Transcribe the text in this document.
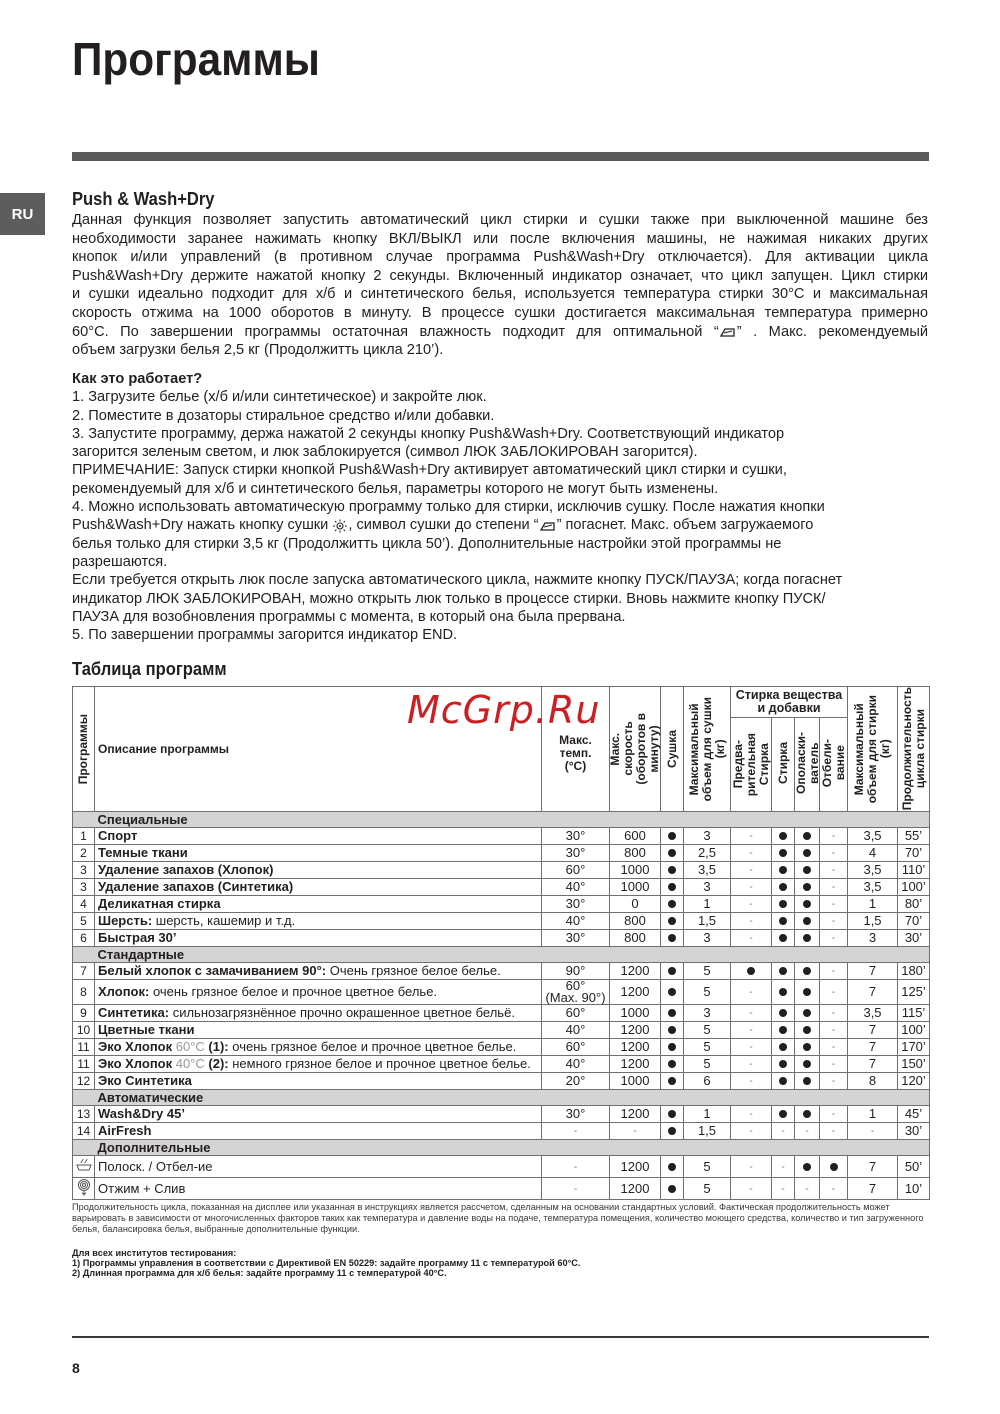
Программы
RU
Push & Wash+Dry
Данная функция позволяет запустить автоматический цикл стирки и сушки также при выключенной машине без
необходимости заранее нажимать кнопку ВКЛ/ВЫКЛ или после включения машины, не нажимая никаких других
кнопок и/или управлений (в противном случае программа Push&Wash+Dry отключается). Для активации цикла
Push&Wash+Dry держите нажатой кнопку 2 секунды. Включенный индикатор означает, что цикл запущен. Цикл стирки
и сушки идеально подходит для х/б и синтетического белья, используется температура стирки 30°C и максимальная
скорость отжима на 1000 оборотов в минуту. В процессе сушки достигается максимальная температура примерно
60°C. По завершении программы остаточная влажность подходит для оптимальной “ ” . Макс. рекомендуемый
объем загрузки белья 2,5 кг (Продолжитть цикла 210’).
Как это работает?
1. Загрузите белье (х/б и/или синтетическое) и закройте люк.
2. Поместите в дозаторы стиральное средство и/или добавки.
3. Запустите программу, держа нажатой 2 секунды кнопку Push&Wash+Dry. Соответствующий индикатор
загорится зеленым светом, и люк заблокируется (символ ЛЮК ЗАБЛОКИРОВАН загорится).
ПРИМЕЧАНИЕ: Запуск стирки кнопкой Push&Wash+Dry активирует автоматический цикл стирки и сушки,
рекомендуемый для х/б и синтетического белья, параметры которого не могут быть изменены.
4. Можно использовать автоматическую программу только для стирки, исключив сушку. После нажатия кнопки
Push&Wash+Dry нажать кнопку сушки , символ сушки до степени “ ” погаснет. Макс. объем загружаемого
белья только для стирки 3,5 кг (Продолжитть цикла 50’). Дополнительные настройки этой программы не
разрешаются.
Если требуется открыть люк после запуска автоматического цикла, нажмите кнопку ПУСК/ПАУЗА; когда погаснет
индикатор ЛЮК ЗАБЛОКИРОВАН, можно открыть люк только в процессе стирки. Вновь нажмите кнопку ПУСК/
ПАУЗА для возобновления программы с момента, в который она была прервана.
5. По завершении программы загорится индикатор END.
Таблица программ
McGrp.Ru
Программы	Описание программы	
Макс.
темп.
(°C)

Макс.
скорость
(оборотов в
минуту)	Сушка	Максимальный
объем для сушки
(кг)

Стирка вещества
и добавки	Максимальный
объем для стирки
(кг)	Продолжительность
цикла стирки

						Предва-
рительная
Стирка	Стирка	Ополаски-
ватель	Отбели-
вание		
	Специальные										
1	Спорт	30°	600		3	-			-	3,5	55’
2	Темные ткани	30°	800		2,5	-			-	4	70’
3	Удаление запахов (Хлопок)	60°	1000		3,5	-			-	3,5	110’
3	Удаление запахов (Синтетика)	40°	1000		3	-			-	3,5	100’
4	Деликатная стирка	30°	0		1	-			-	1	80’
5	Шерсть: шерсть, кашемир и т.д.	40°	800		1,5	-			-	1,5	70’
6	Быстрая 30’	30°	800		3	-			-	3	30’
	Стандартные										
7	Белый хлопок с замачиванием 90°: Очень грязное белое белье.	90°	1200		5				-	7	180’
8	Хлопок: очень грязное белое и прочное цветное белье.	60°
(Max. 90°)	1200		5	-			-	7	125’
9	Синтетика: сильнозагрязнённое прочно окрашенное цветное бельё.	60°	1000		3	-			-	3,5	115’
10	Цветные ткани	40°	1200		5	-			-	7	100’
11	Эко Хлопок 60°C (1): очень грязное белое и прочное цветное белье.	60°	1200		5	-			-	7	170’
11	Эко Хлопок 40°C (2): немного грязное белое и прочное цветное белье.	40°	1200		5	-			-	7	150’
12	Эко Синтетика	20°	1000		6	-			-	8	120’
	Автоматические										
13	Wash&Dry 45’	30°	1200		1	-			-	1	45’
14	AirFresh	-	-		1,5	-	-	-	-	-	30’
	Дополнительные										
	Полоск. / Отбел-ие	-	1200		5	-	-			7	50’
	Отжим + Слив	-	1200		5	-	-	-	-	7	10’
Продолжительность цикла, показанная на дисплее или указанная в инструкциях является рассчетом, сделанным на основании стандартных условий. Фактическая продолжительность может варьировать в зависимости от многочисленных факторов таких как температура и давление воды на подаче, температура помещения, количество моющего средства, количество и тип загруженного белья, балансировка белья, выбранные дополнительные функции.
Для всех институтов тестирования:
1) Программы управления в соответствии с Директивой EN 50229: задайте программу 11 с температурой 60°C.
2) Длинная программа для х/б белья: задайте программу 11 с температурой 40°C.
8
